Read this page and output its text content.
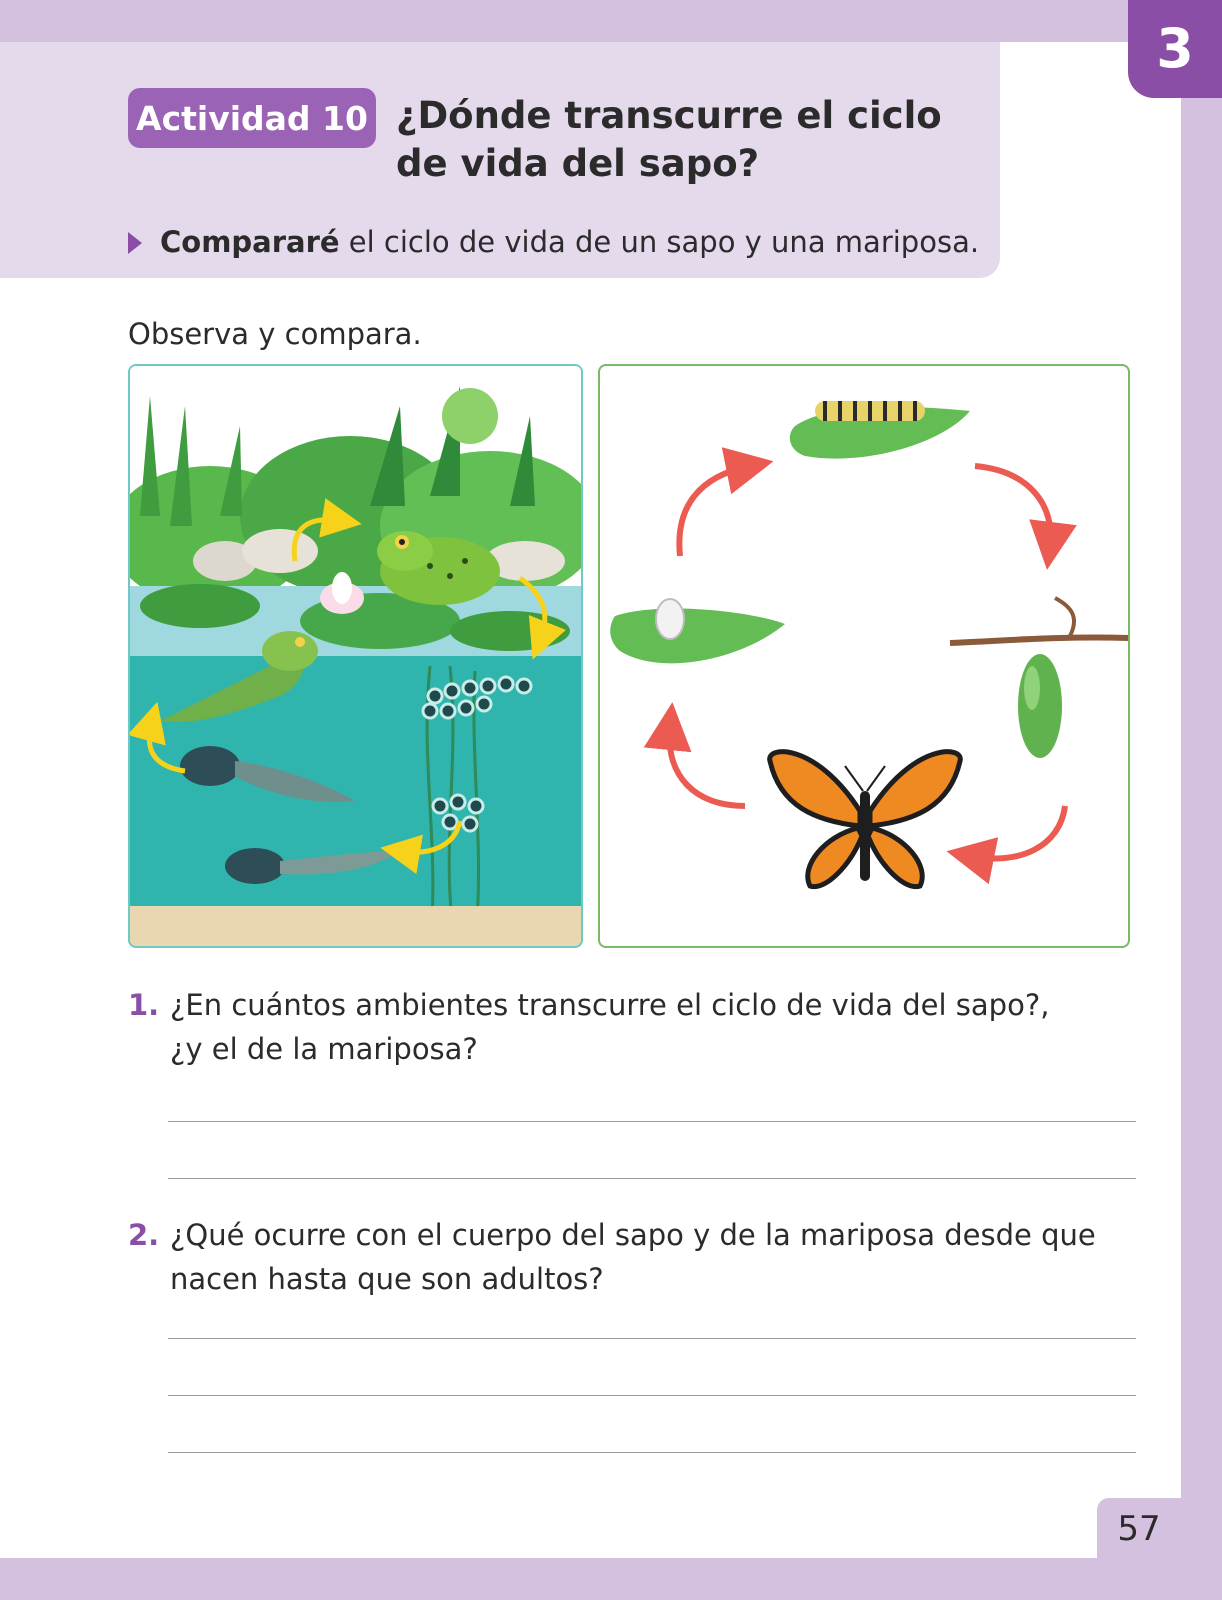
3
Actividad 10 ¿Dónde transcurre el ciclo
de vida del sapo?
Compararé el ciclo de vida de un sapo y una mariposa.
Observa y compara.
1. ¿En cuántos ambientes transcurre el ciclo de vida del sapo?,
¿y el de la mariposa?
2. ¿Qué ocurre con el cuerpo del sapo y de la mariposa desde que
nacen hasta que son adultos?
57
